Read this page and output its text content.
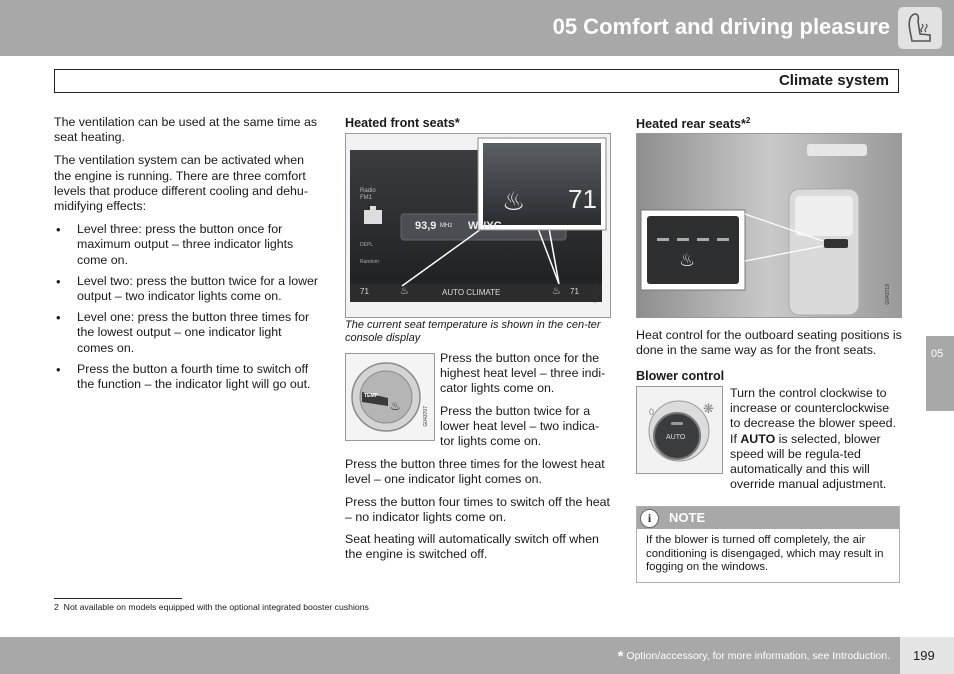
05 Comfort and driving pleasure
Climate system

The ventilation can be used at the same time as seat heating.

The ventilation system can be activated when the engine is running. There are three comfort levels that produce different cooling and dehu-midifying effects:

• Level three: press the button once for maximum output – three indicator lights come on.
• Level two: press the button twice for a lower output – two indicator lights come on.
• Level one: press the button three times for the lowest output – one indicator light comes on.
• Press the button a fourth time to switch off the function – the indicator light will go out.
Heated front seats*
Radio
FM1
DEPL
Random
93,9 MHz WNYC
71	♨	AUTO CLIMATE	♨ 71
♨ 71
G043724
The current seat temperature is shown in the cen-ter console display
TEMP
♨	G043707
Press the button once for the highest heat level – three indi-cator lights come on.
Press the button twice for a lower heat level – two indica-tor lights come on.
Press the button three times for the lowest heat level – one indicator light comes on.
Press the button four times to switch off the heat – no indicator lights come on.
Seat heating will automatically switch off when the engine is switched off.
Heated rear seats*$^2$
♨
G043719
Heat control for the outboard seating positions is done in the same way as for the front seats.
Blower control
0	❋
AUTO
Turn the control clockwise to increase or counterclockwise to decrease the blower speed. If AUTO is selected, blower speed will be regula-ted automatically and this will override manual adjustment.
i	NOTE
If the blower is turned off completely, the air conditioning is disengaged, which may result in fogging on the windows.
05
2 Not available on models equipped with the optional integrated booster cushions
* Option/accessory, for more information, see Introduction. 199
